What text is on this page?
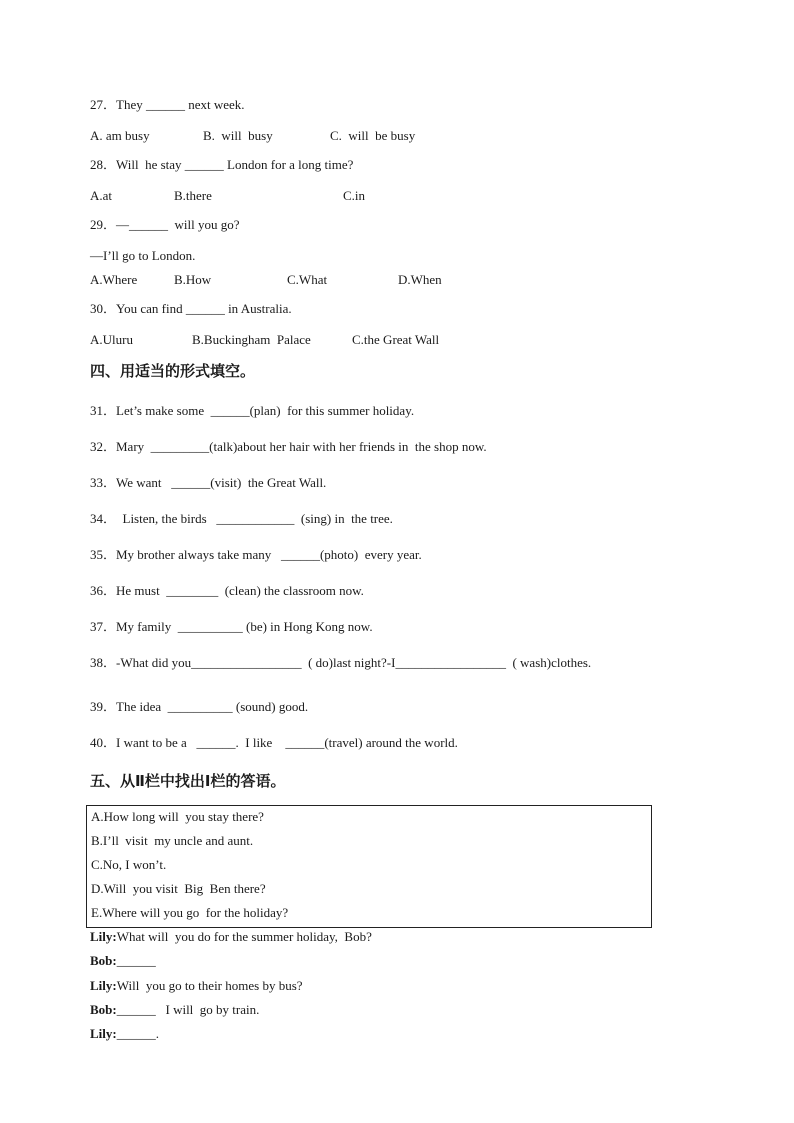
27．They ______ next week.
A. am busy	B.  will  busy	C.  will  be busy
28．Will  he stay ______ London for a long time?
A.at	B.there	C.in
29．—______  will you go?
—I’ll go to London.
A.Where	B.How	C.What	D.When
30．You can find ______ in Australia.
A.Uluru	B.Buckingham  Palace	C.the Great Wall
四、用适当的形式填空。
31．Let’s make some  ______(plan)  for this summer holiday.
32．Mary  _________(talk)about her hair with her friends in  the shop now.
33．We want   ______(visit)  the Great Wall.
34．  Listen, the birds   ____________  (sing) in  the tree.
35．My brother always take many   ______(photo)  every year.
36．He must  ________  (clean) the classroom now.
37．My family  __________ (be) in Hong Kong now.
38．-What did you_________________  ( do)last night?-I_________________  ( wash)clothes.
39．The idea  __________ (sound) good.
40．I want to be a   ______.  I like    ______(travel) around the world.
五、从Ⅱ栏中找出Ⅰ栏的答语。
A.How long will  you stay there?
B.I’ll  visit  my uncle and aunt.
C.No, I won’t.
D.Will  you visit  Big  Ben there?
E.Where will you go  for the holiday?
Lily:What will  you do for the summer holiday,  Bob?
Bob:______
Lily:Will  you go to their homes by bus?
Bob:______   I will  go by train.
Lily:______.
